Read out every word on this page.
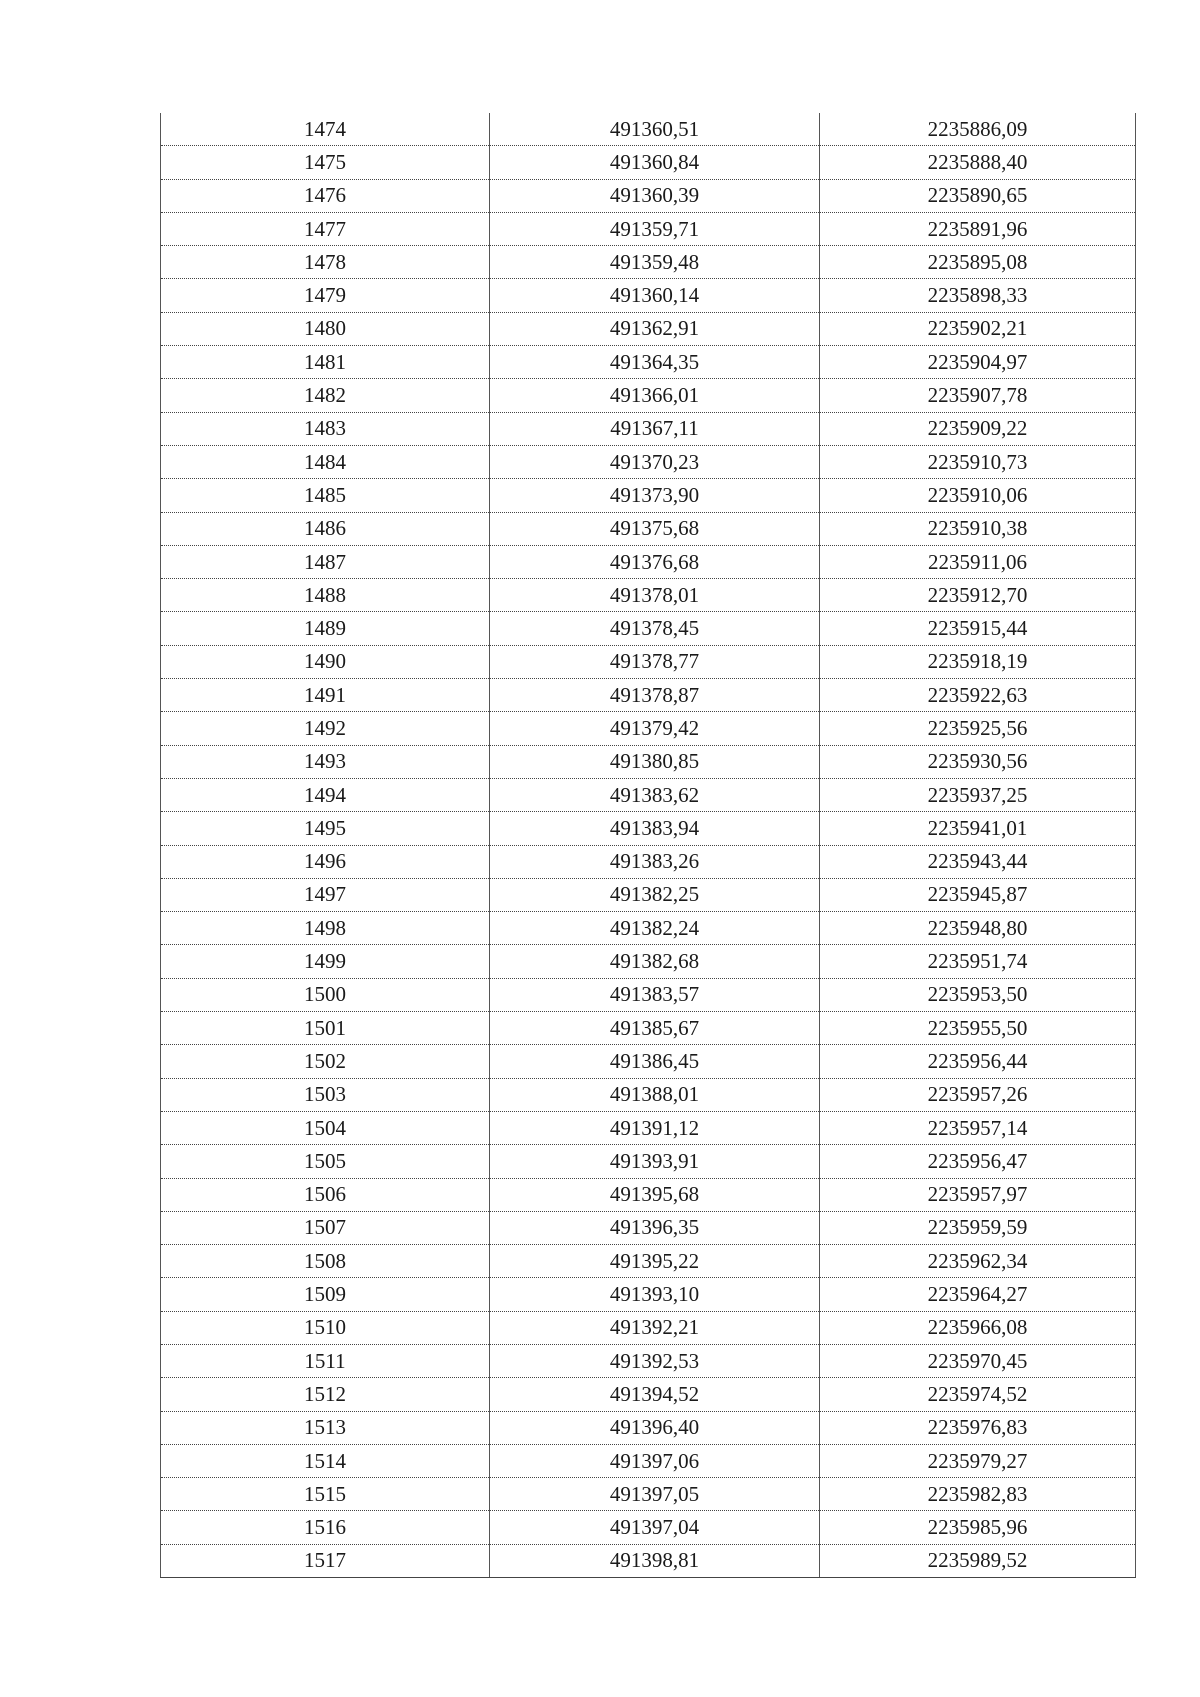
1474	491360,51	2235886,09
1475	491360,84	2235888,40
1476	491360,39	2235890,65
1477	491359,71	2235891,96
1478	491359,48	2235895,08
1479	491360,14	2235898,33
1480	491362,91	2235902,21
1481	491364,35	2235904,97
1482	491366,01	2235907,78
1483	491367,11	2235909,22
1484	491370,23	2235910,73
1485	491373,90	2235910,06
1486	491375,68	2235910,38
1487	491376,68	2235911,06
1488	491378,01	2235912,70
1489	491378,45	2235915,44
1490	491378,77	2235918,19
1491	491378,87	2235922,63
1492	491379,42	2235925,56
1493	491380,85	2235930,56
1494	491383,62	2235937,25
1495	491383,94	2235941,01
1496	491383,26	2235943,44
1497	491382,25	2235945,87
1498	491382,24	2235948,80
1499	491382,68	2235951,74
1500	491383,57	2235953,50
1501	491385,67	2235955,50
1502	491386,45	2235956,44
1503	491388,01	2235957,26
1504	491391,12	2235957,14
1505	491393,91	2235956,47
1506	491395,68	2235957,97
1507	491396,35	2235959,59
1508	491395,22	2235962,34
1509	491393,10	2235964,27
1510	491392,21	2235966,08
1511	491392,53	2235970,45
1512	491394,52	2235974,52
1513	491396,40	2235976,83
1514	491397,06	2235979,27
1515	491397,05	2235982,83
1516	491397,04	2235985,96
1517	491398,81	2235989,52
